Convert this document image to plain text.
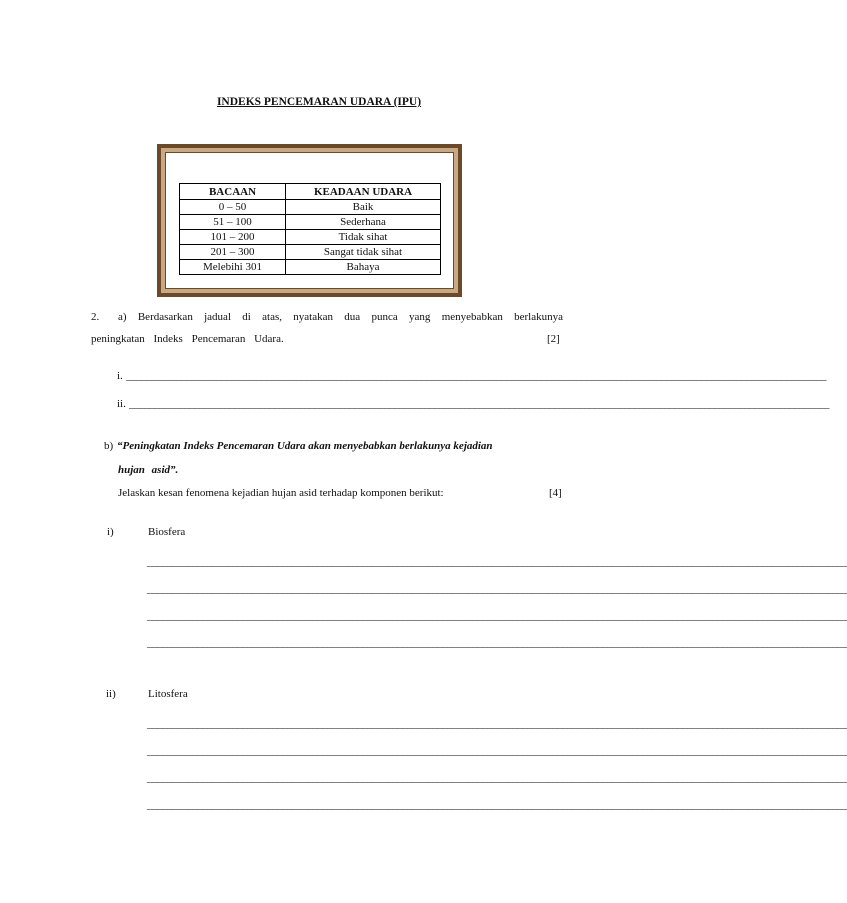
INDEKS PENCEMARAN UDARA (IPU)
BACAAN	KEADAAN UDARA
0 – 50	Baik
51 – 100	Sederhana
101 – 200	Tidak sihat
201 – 300	Sangat tidak sihat
Melebihi 301	Bahaya
2. a) Berdasarkan jadual di atas, nyatakan dua punca yang menyebabkan berlakunya
peningkatan Indeks Pencemaran Udara.	[2]
i. ____________________________________________________________________________________________________________________________________________
ii. ____________________________________________________________________________________________________________________________________________
b) “Peningkatan Indeks Pencemaran Udara akan menyebabkan berlakunya kejadian
hujan asid”.
Jelaskan kesan fenomena kejadian hujan asid terhadap komponen berikut:	[4]
i)	Biosfera
____________________________________________________________________________________________________________________________________________
____________________________________________________________________________________________________________________________________________
____________________________________________________________________________________________________________________________________________
____________________________________________________________________________________________________________________________________________
ii)	Litosfera
____________________________________________________________________________________________________________________________________________
____________________________________________________________________________________________________________________________________________
____________________________________________________________________________________________________________________________________________
____________________________________________________________________________________________________________________________________________
